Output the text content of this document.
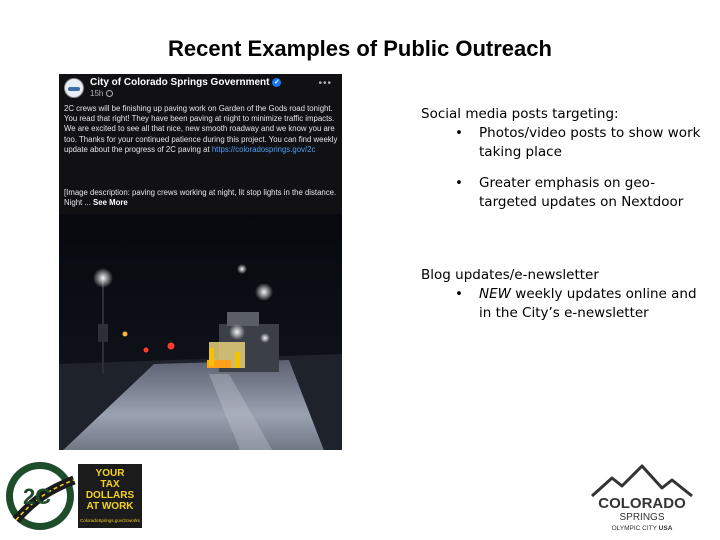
Recent Examples of Public Outreach
City of Colorado Springs Government ✓
15h
•••
2C crews will be finishing up paving work on Garden of the Gods road tonight. You read that right! They have been paving at night to minimize traffic impacts. We are excited to see all that nice, new smooth roadway and we know you are too. Thanks for your continued patience during this project. You can find weekly update about the progress of 2C paving at https://coloradosprings.gov/2c
[Image description: paving crews working at night, lit stop lights in the distance. Night ... See More
Social media posts targeting:
• Photos/video posts to show work taking place
• Greater emphasis on geo-targeted updates on Nextdoor
Blog updates/e-newsletter
• NEW weekly updates online and in the City’s e-newsletter
2C
YOUR
TAX
DOLLARS
AT WORK
ColoradoSprings.gov/2cworks
COLORADO
SPRINGS
OLYMPIC CITY USA
